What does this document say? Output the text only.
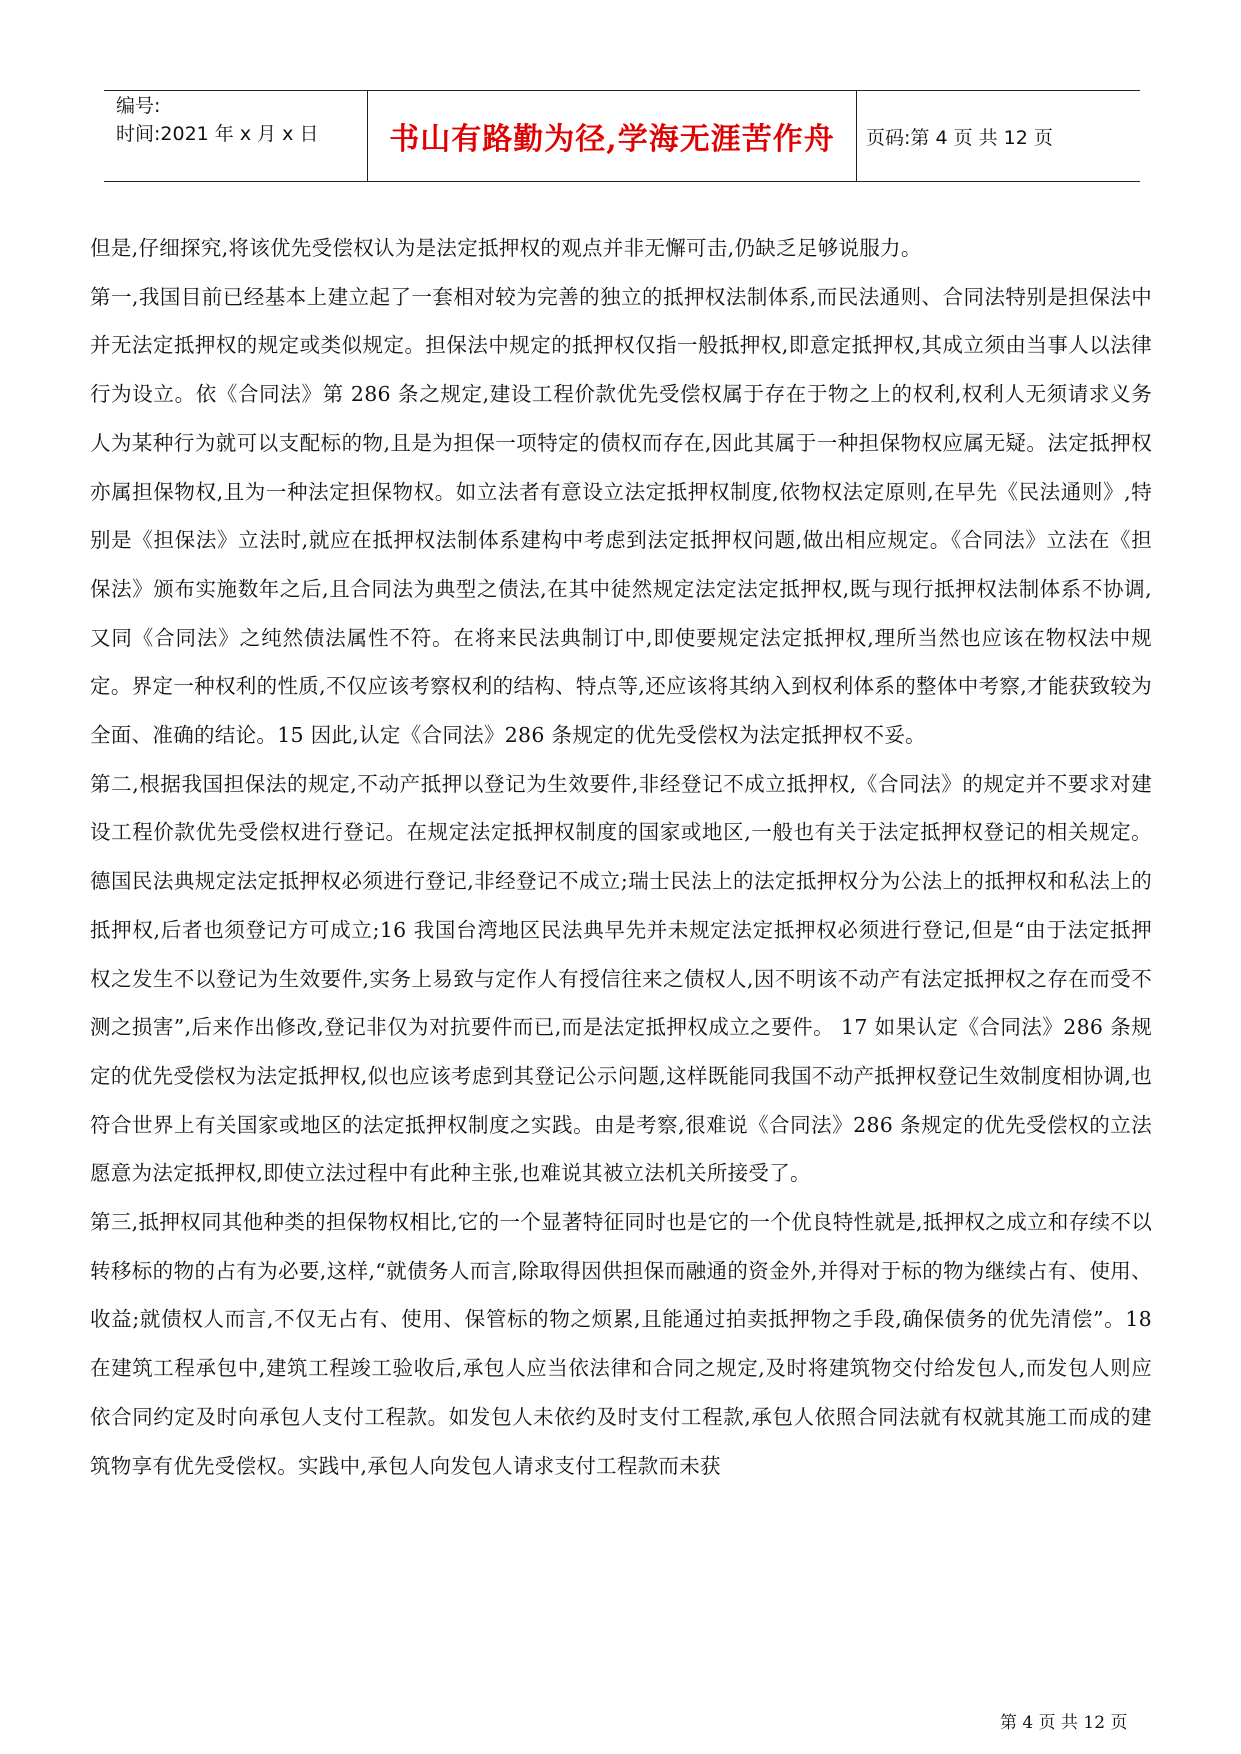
编号:
时间:2021 年 x 月 x 日	书山有路勤为径,学海无涯苦作舟	页码:第 4 页 共 12 页

但是,仔细探究,将该优先受偿权认为是法定抵押权的观点并非无懈可击,仍缺乏足够说服力。

第一,我国目前已经基本上建立起了一套相对较为完善的独立的抵押权法制体系,而民法通则、合同法特别是担保法中并无法定抵押权的规定或类似规定。担保法中规定的抵押权仅指一般抵押权,即意定抵押权,其成立须由当事人以法律行为设立。依《合同法》第 286 条之规定,建设工程价款优先受偿权属于存在于物之上的权利,权利人无须请求义务人为某种行为就可以支配标的物,且是为担保一项特定的债权而存在,因此其属于一种担保物权应属无疑。法定抵押权亦属担保物权,且为一种法定担保物权。如立法者有意设立法定抵押权制度,依物权法定原则,在早先《民法通则》,特别是《担保法》立法时,就应在抵押权法制体系建构中考虑到法定抵押权问题,做出相应规定。《合同法》立法在《担保法》颁布实施数年之后,且合同法为典型之债法,在其中徒然规定法定法定抵押权,既与现行抵押权法制体系不协调,又同《合同法》之纯然债法属性不符。在将来民法典制订中,即使要规定法定抵押权,理所当然也应该在物权法中规定。界定一种权利的性质,不仅应该考察权利的结构、特点等,还应该将其纳入到权利体系的整体中考察,才能获致较为全面、准确的结论。15 因此,认定《合同法》286 条规定的优先受偿权为法定抵押权不妥。

第二,根据我国担保法的规定,不动产抵押以登记为生效要件,非经登记不成立抵押权,《合同法》的规定并不要求对建设工程价款优先受偿权进行登记。在规定法定抵押权制度的国家或地区,一般也有关于法定抵押权登记的相关规定。德国民法典规定法定抵押权必须进行登记,非经登记不成立;瑞士民法上的法定抵押权分为公法上的抵押权和私法上的抵押权,后者也须登记方可成立;16 我国台湾地区民法典早先并未规定法定抵押权必须进行登记,但是“由于法定抵押权之发生不以登记为生效要件,实务上易致与定作人有授信往来之债权人,因不明该不动产有法定抵押权之存在而受不测之损害”,后来作出修改,登记非仅为对抗要件而已,而是法定抵押权成立之要件。 17 如果认定《合同法》286 条规定的优先受偿权为法定抵押权,似也应该考虑到其登记公示问题,这样既能同我国不动产抵押权登记生效制度相协调,也符合世界上有关国家或地区的法定抵押权制度之实践。由是考察,很难说《合同法》286 条规定的优先受偿权的立法愿意为法定抵押权,即使立法过程中有此种主张,也难说其被立法机关所接受了。

第三,抵押权同其他种类的担保物权相比,它的一个显著特征同时也是它的一个优良特性就是,抵押权之成立和存续不以转移标的物的占有为必要,这样,“就债务人而言,除取得因供担保而融通的资金外,并得对于标的物为继续占有、使用、收益;就债权人而言,不仅无占有、使用、保管标的物之烦累,且能通过拍卖抵押物之手段,确保债务的优先清偿”。18 在建筑工程承包中,建筑工程竣工验收后,承包人应当依法律和合同之规定,及时将建筑物交付给发包人,而发包人则应依合同约定及时向承包人支付工程款。如发包人未依约及时支付工程款,承包人依照合同法就有权就其施工而成的建筑物享有优先受偿权。实践中,承包人向发包人请求支付工程款而未获

第 4 页 共 12 页
